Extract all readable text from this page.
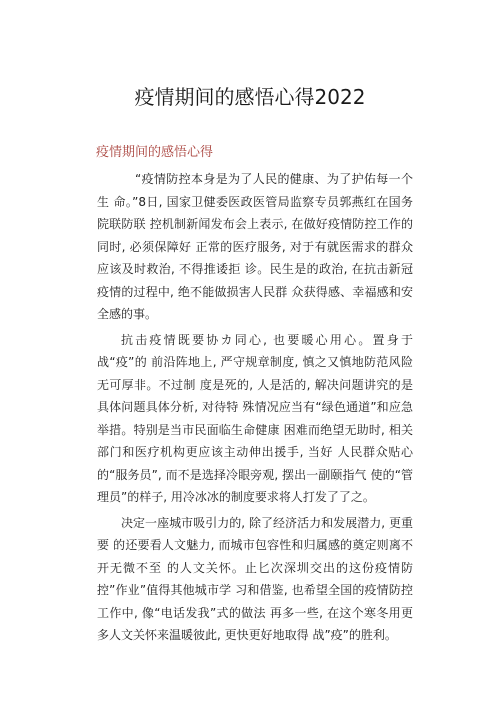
疫情期间的感悟心得2022
疫情期间的感悟心得

“疫情防控本身是为了人民的健康、为了护佑每一个生 命。”8日, 国家卫健委医政医管局监察专员郭燕红在国务院联防联 控机制新闻发布会上表示, 在做好疫情防控工作的同时, 必须保障好 正常的医疗服务, 对于有就医需求的群众应该及时救治, 不得推诿拒 诊。民生是的政治, 在抗击新冠疫情的过程中, 绝不能做损害人民群 众获得感、幸福感和安全感的事。

抗击疫情既要协カ同心, 也要暖心用心。置身于战“疫”的 前沿阵地上, 严守规章制度, 慎之又慎地防范风险无可厚非。不过制 度是死的, 人是活的, 解决问题讲究的是具体问题具体分析, 对待特 殊情况应当有“绿色通道”和应急举措。特别是当市民面临生命健康 困难而绝望无助时, 相关部门和医疗机构更应该主动伸出援手, 当好 人民群众贴心的“服务员”, 而不是选择冷眼旁观, 摆出一副颐指气 使的“管理员”的样子, 用冷冰冰的制度要求将人打发了了之。

决定一座城市吸引力的, 除了经济活力和发展潜力, 更重要 的还要看人文魅力, 而城市包容性和归属感的奠定则离不开无微不至 的人文关怀。止匕次深圳交出的这份疫情防控”作业”值得其他城市学 习和借鉴, 也希望全国的疫情防控工作中, 像“电话发我”式的做法 再多一些, 在这个寒冬用更多人文关怀来温暖彼此, 更快更好地取得 战”疫”的胜利。
